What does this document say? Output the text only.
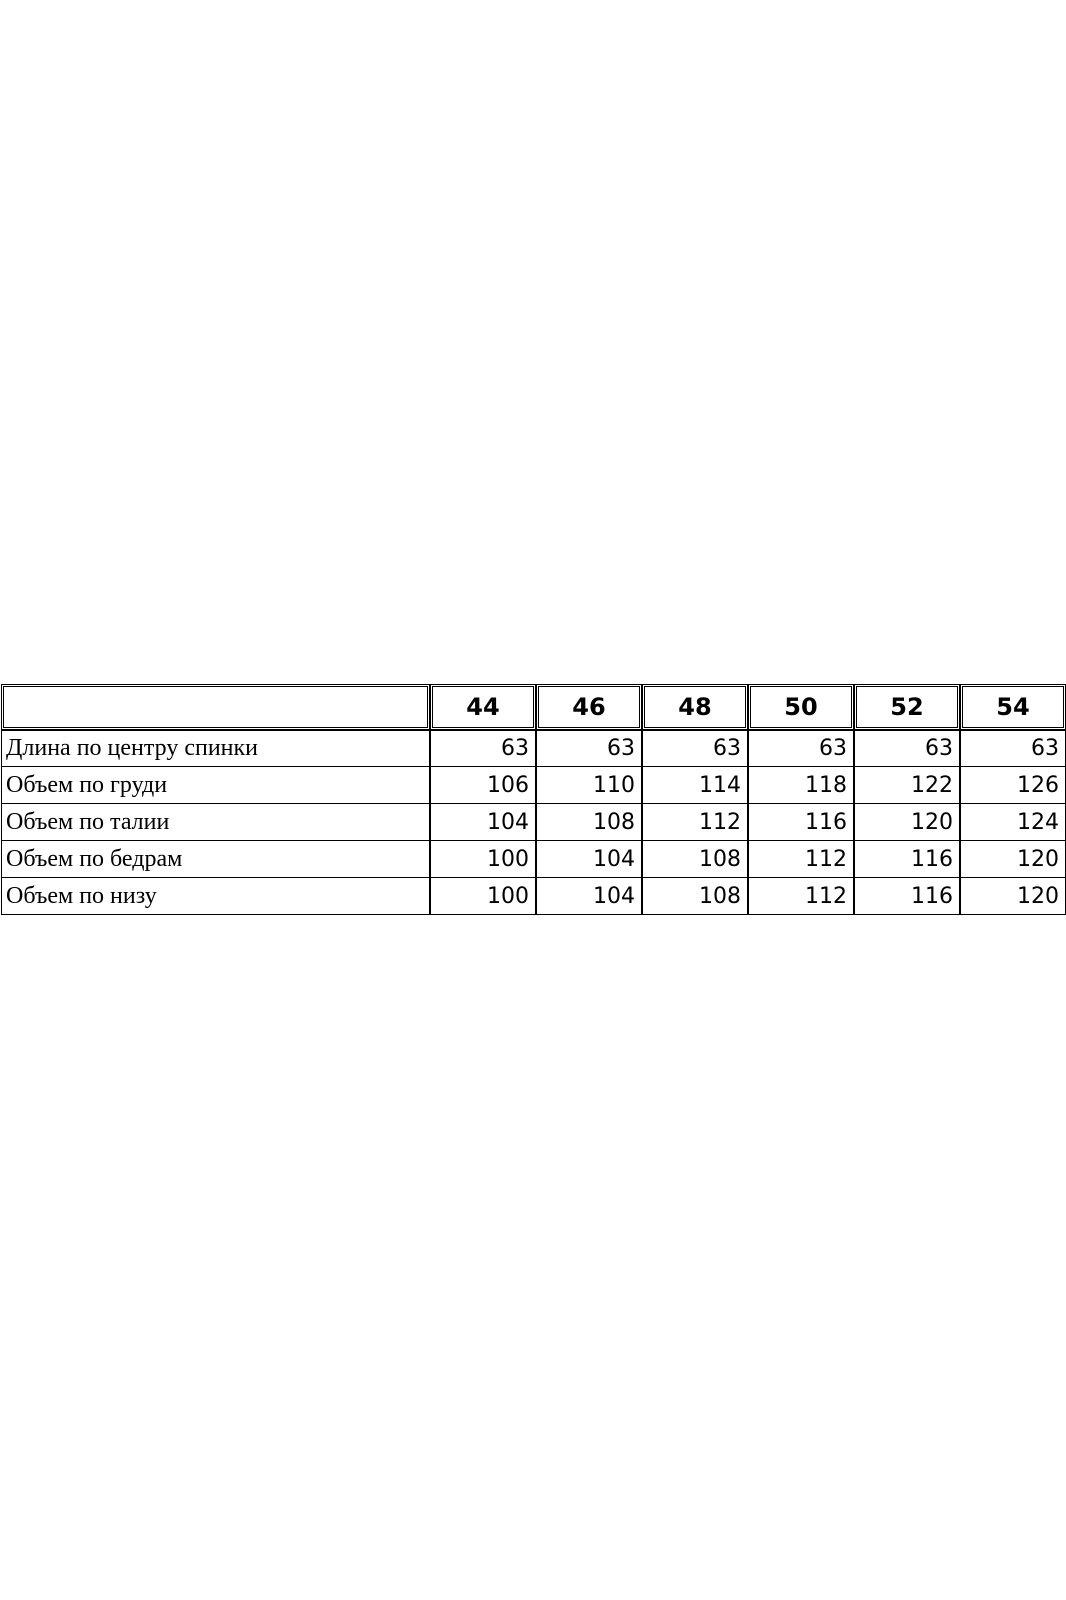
	44	46	48	50	52	54
Длина по центру спинки	63	63	63	63	63	63
Объем по груди	106	110	114	118	122	126
Объем по талии	104	108	112	116	120	124
Объем по бедрам	100	104	108	112	116	120
Объем по низу	100	104	108	112	116	120
